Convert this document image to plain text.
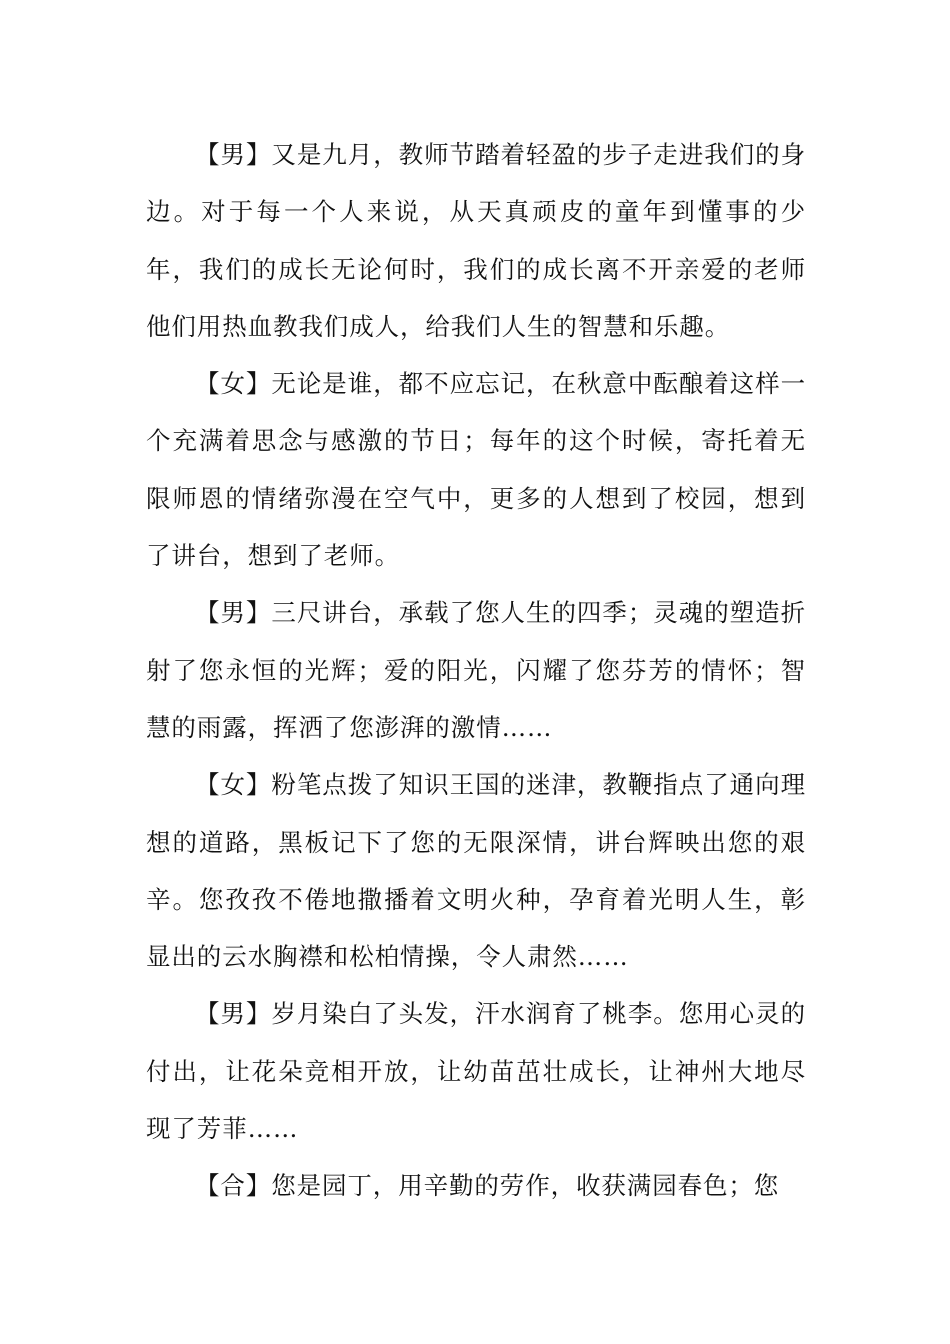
【男】又是九月，教师节踏着轻盈的步子走进我们的身边。对于每一个人来说，从天真顽皮的童年到懂事的少年，我们的成长无论何时，我们的成长离不开亲爱的老师他们用热血教我们成人，给我们人生的智慧和乐趣。

【女】无论是谁，都不应忘记，在秋意中酝酿着这样一个充满着思念与感激的节日；每年的这个时候，寄托着无限师恩的情绪弥漫在空气中，更多的人想到了校园，想到了讲台，想到了老师。

【男】三尺讲台，承载了您人生的四季；灵魂的塑造折射了您永恒的光辉；爱的阳光，闪耀了您芬芳的情怀；智慧的雨露，挥洒了您澎湃的激情……

【女】粉笔点拨了知识王国的迷津，教鞭指点了通向理想的道路，黑板记下了您的无限深情，讲台辉映出您的艰辛。您孜孜不倦地撒播着文明火种，孕育着光明人生，彰显出的云水胸襟和松柏情操，令人肃然……

【男】岁月染白了头发，汗水润育了桃李。您用心灵的付出，让花朵竞相开放，让幼苗茁壮成长，让神州大地尽现了芳菲……

【合】您是园丁，用辛勤的劳作，收获满园春色；您
